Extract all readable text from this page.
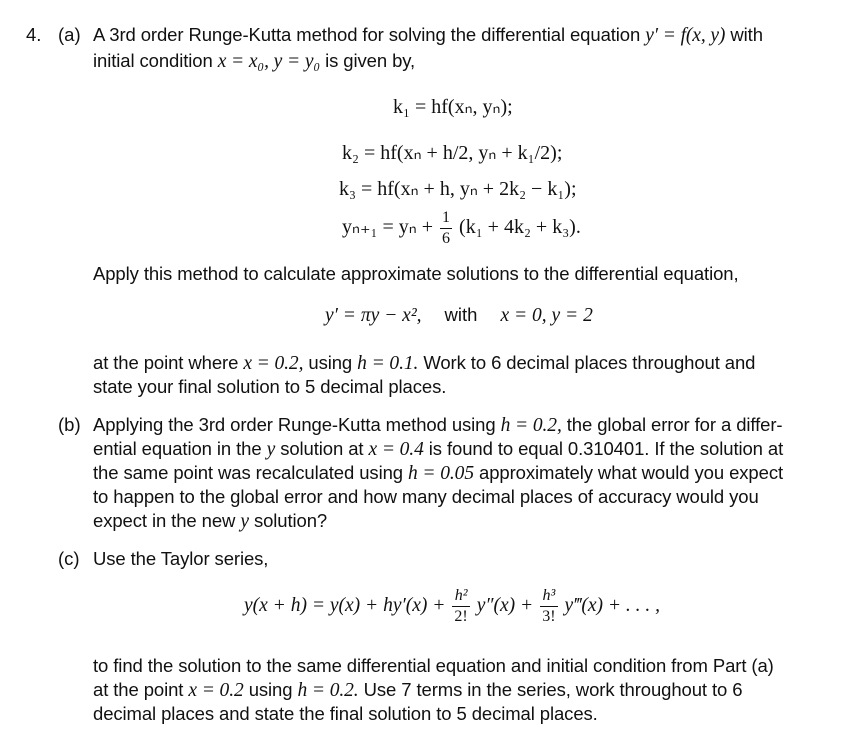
4. (a) A 3rd order Runge-Kutta method for solving the differential equation y′ = f(x, y) with
initial condition x = x₀, y = y₀ is given by,
k₁ = hf(xₙ, yₙ);
k₂ = hf(xₙ + h/2, yₙ + k₁/2);
k₃ = hf(xₙ + h, yₙ + 2k₂ − k₁);
$y_{n+1} = y_n + \frac{1}{6} (k_1 + 4k_2 + k_3)$.
Apply this method to calculate approximate solutions to the differential equation,
y′ = πy − x², with x = 0, y = 2
at the point where x = 0.2, using h = 0.1. Work to 6 decimal places throughout and
state your final solution to 5 decimal places.
(b) Applying the 3rd order Runge-Kutta method using h = 0.2, the global error for a differ-
ential equation in the y solution at x = 0.4 is found to equal 0.310401. If the solution at
the same point was recalculated using h = 0.05 approximately what would you expect
to happen to the global error and how many decimal places of accuracy would you
expect in the new y solution?
(c) Use the Taylor series,
$y(x + h) = y(x) + hy'(x) + \frac{\text{h²}}{2!} y''(x) + \frac{\text{h³}}{3!}$ y‴(x) + . . . ,
to find the solution to the same differential equation and initial condition from Part (a)
at the point x = 0.2 using h = 0.2. Use 7 terms in the series, work throughout to 6
decimal places and state the final solution to 5 decimal places.
